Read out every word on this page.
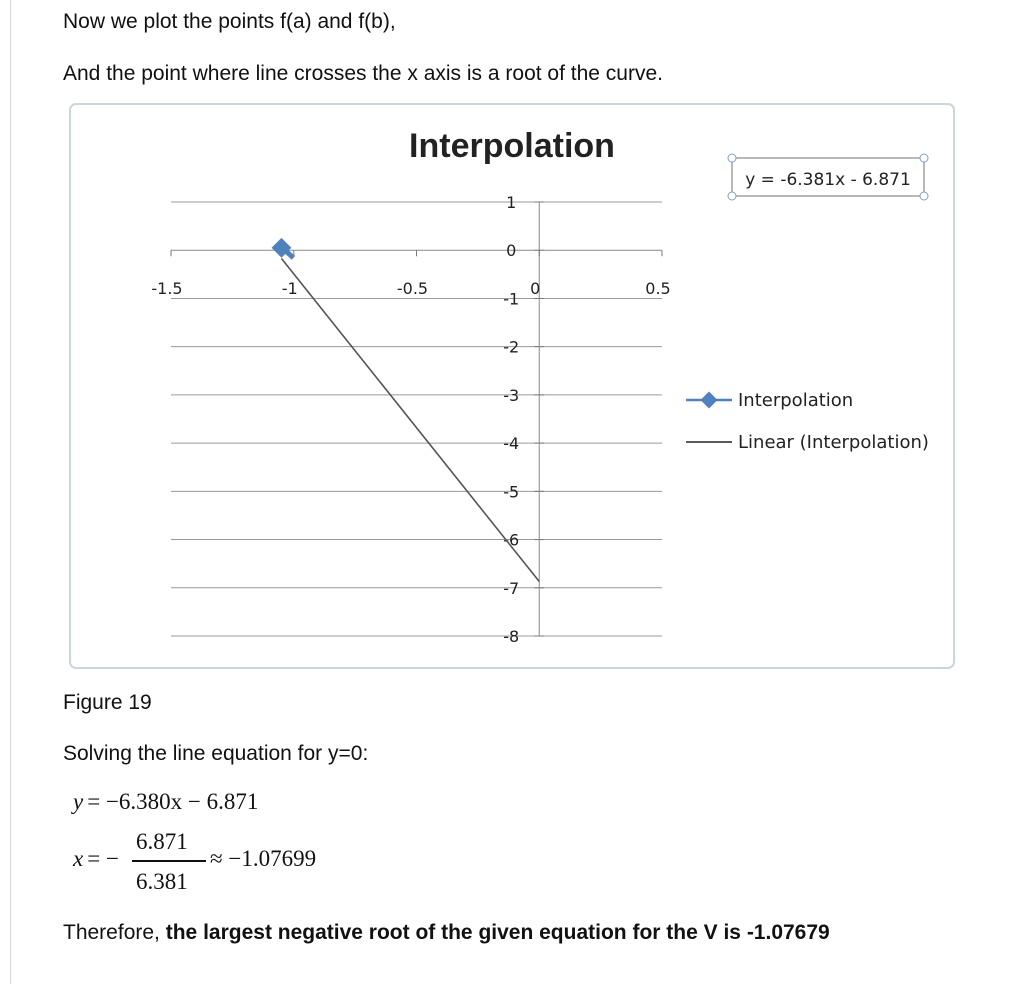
Now we plot the points f(a) and f(b),
And the point where line crosses the x axis is a root of the curve.
Interpolation
1
0
-1
-2
-3
-4
-5
-6
-7
-8
-1.5	-1	-0.5	0	0.5
y = -6.381x - 6.871
Interpolation
Linear (Interpolation)
Figure 19
Solving the line equation for y=0:
y = −6.380x − 6.871
x = −
6.871
6.381
≈ −1.07699
Therefore, the largest negative root of the given equation for the V is -1.07679
